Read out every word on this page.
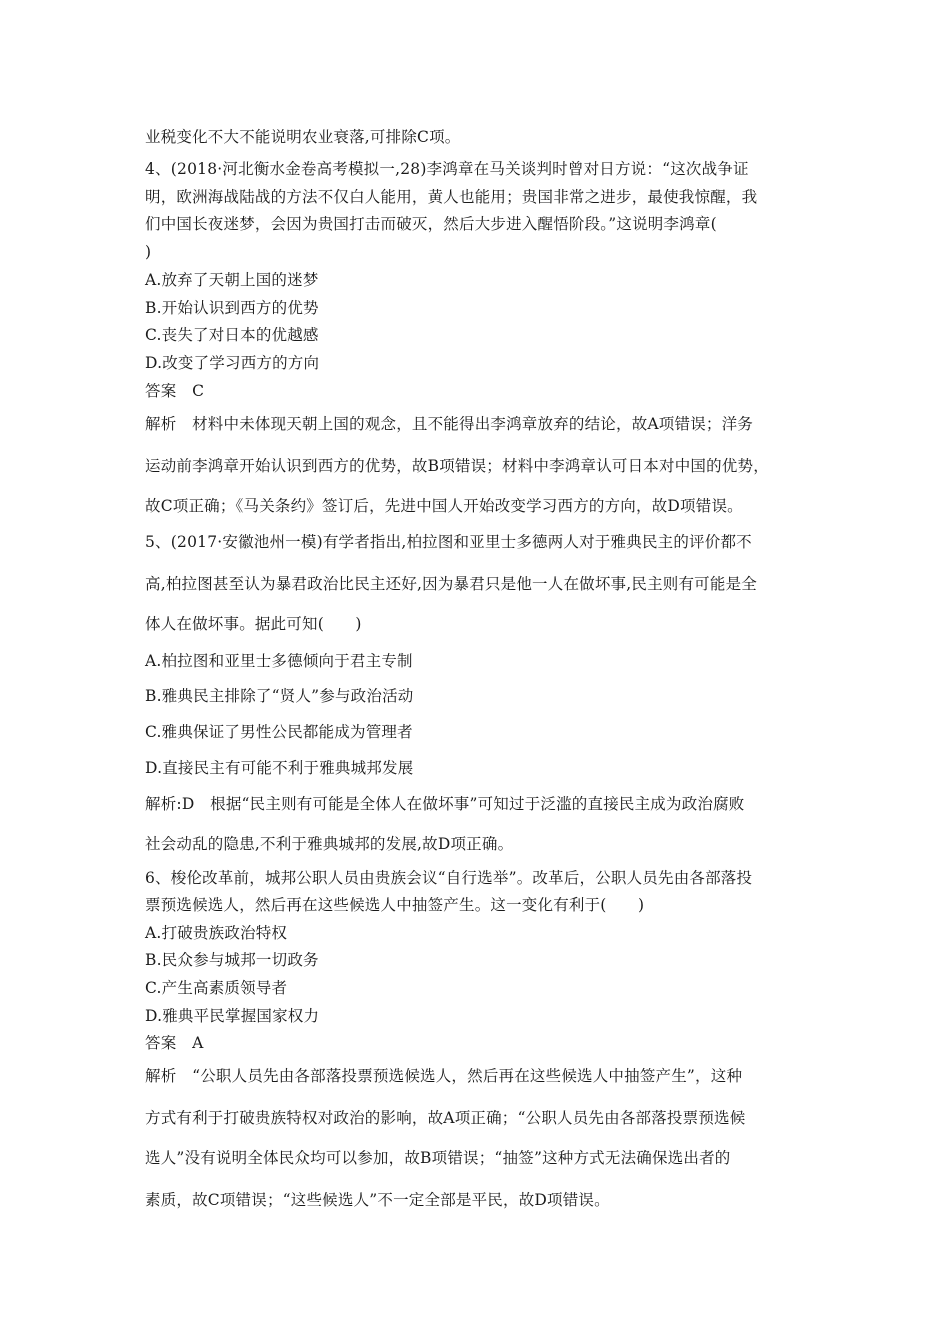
业税变化不大不能说明农业衰落,可排除C项。
4、(2018·河北衡水金卷高考模拟一,28)李鸿章在马关谈判时曾对日方说：“这次战争证
明，欧洲海战陆战的方法不仅白人能用，黄人也能用；贵国非常之进步，最使我惊醒，我
们中国长夜迷梦，会因为贵国打击而破灭，然后大步进入醒悟阶段。”这说明李鸿章(
)
A.放弃了天朝上国的迷梦
B.开始认识到西方的优势
C.丧失了对日本的优越感
D.改变了学习西方的方向
答案　C
解析　材料中未体现天朝上国的观念，且不能得出李鸿章放弃的结论，故A项错误；洋务
运动前李鸿章开始认识到西方的优势，故B项错误；材料中李鸿章认可日本对中国的优势，
故C项正确；《马关条约》签订后，先进中国人开始改变学习西方的方向，故D项错误。
5、(2017·安徽池州一模)有学者指出,柏拉图和亚里士多德两人对于雅典民主的评价都不
高,柏拉图甚至认为暴君政治比民主还好,因为暴君只是他一人在做坏事,民主则有可能是全
体人在做坏事。据此可知(　　)
A.柏拉图和亚里士多德倾向于君主专制
B.雅典民主排除了“贤人”参与政治活动
C.雅典保证了男性公民都能成为管理者
D.直接民主有可能不利于雅典城邦发展
解析:D　根据“民主则有可能是全体人在做坏事”可知过于泛滥的直接民主成为政治腐败
社会动乱的隐患,不利于雅典城邦的发展,故D项正确。
6、梭伦改革前，城邦公职人员由贵族会议“自行选举”。改革后，公职人员先由各部落投
票预选候选人，然后再在这些候选人中抽签产生。这一变化有利于(　　)
A.打破贵族政治特权
B.民众参与城邦一切政务
C.产生高素质领导者
D.雅典平民掌握国家权力
答案　A
解析　“公职人员先由各部落投票预选候选人，然后再在这些候选人中抽签产生”，这种
方式有利于打破贵族特权对政治的影响，故A项正确；“公职人员先由各部落投票预选候
选人”没有说明全体民众均可以参加，故B项错误；“抽签”这种方式无法确保选出者的
素质，故C项错误；“这些候选人”不一定全部是平民，故D项错误。
